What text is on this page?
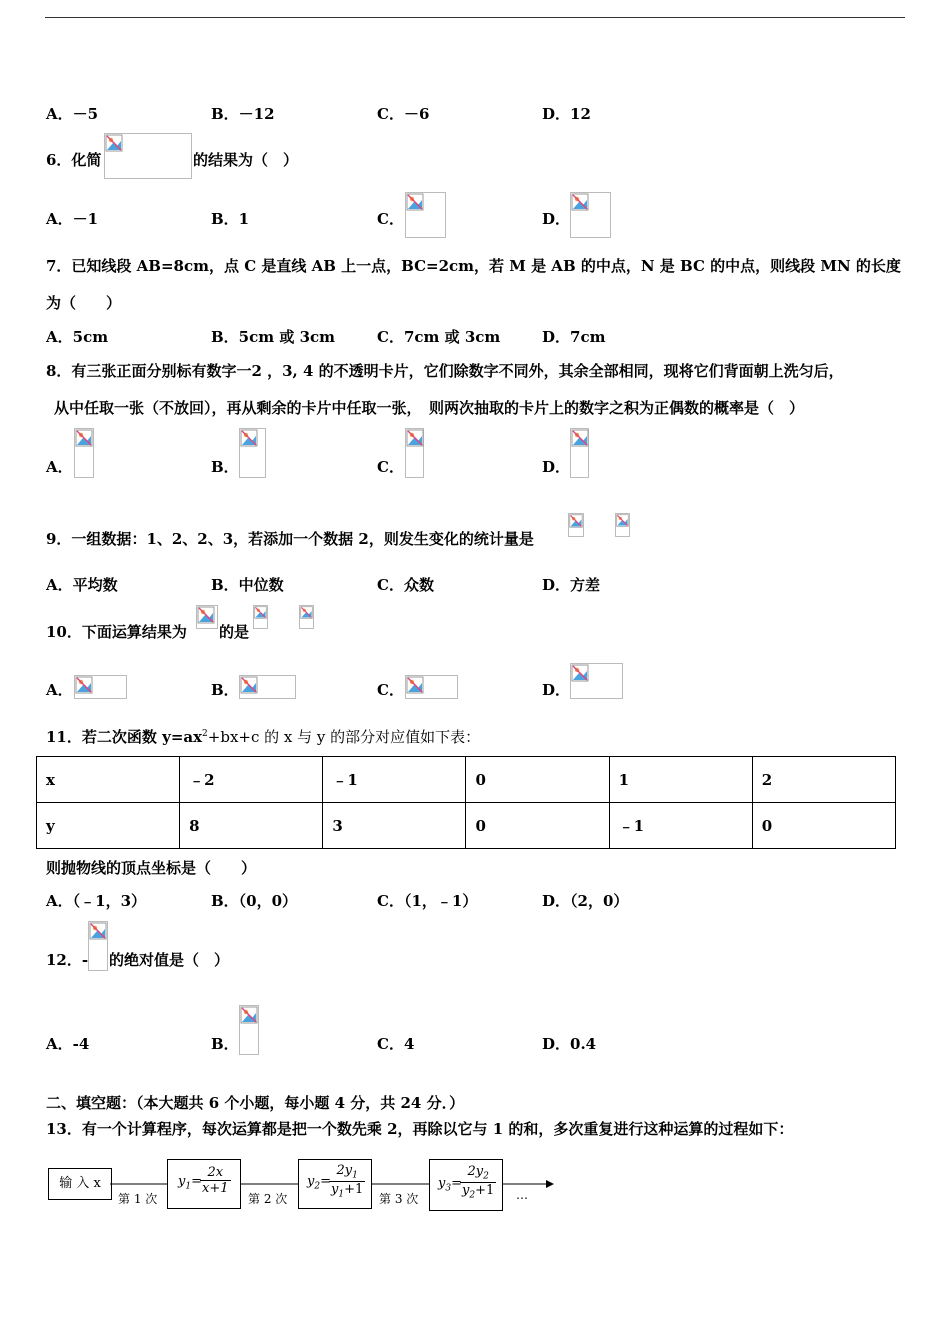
A．－5	B．－12	C．－6	D．12
6．化简	的结果为（　）
A．－1	B．1	C．	D．
7．已知线段 AB=8cm，点 C 是直线 AB 上一点，BC=2cm，若 M 是 AB 的中点，N 是 BC 的中点，则线段 MN 的长度
为（　　）
A．5cm	B．5cm 或 3cm	C．7cm 或 3cm	D．7cm
8．有三张正面分别标有数字一2 ，3, 4 的不透明卡片，它们除数字不同外，其余全部相同，现将它们背面朝上洗匀后，
从中任取一张（不放回），再从剩余的卡片中任取一张，　则两次抽取的卡片上的数字之积为正偶数的概率是（　）
A．	B．	C．	D．
9．一组数据：1、2、2、3，若添加一个数据 2，则发生变化的统计量是
A．平均数	B．中位数	C．众数	D．方差
10．下面运算结果为 的是
A．	B．	C．	D．
11．若二次函数 $y=ax^2+bx+c$ 的 x 与 y 的部分对应值如下表：
x	﹣2	﹣1	0	1	2
y	8	3	0	﹣1	0
则抛物线的顶点坐标是（　　）
A．（﹣1，3）	B．（0，0）	C．（1，﹣1）	D．（2，0）
12．- 的绝对值是（　）
A．-4	B．	C．4	D．0.4
二、填空题：（本大题共 6 个小题，每小题 4 分，共 24 分．）
13．有一个计算程序，每次运算都是把一个数先乘 2，再除以它与 1 的和，多次重复进行这种运算的过程如下：
输 入 x
第 1 次	第 2 次	第 3 次	…
$y_1=$
$\frac{2x}{x+1}$	$y_2=$
$\frac{2y_1}{y_1+1}$	$y_3=$
$\frac{2y_2}{y_2+1}$
